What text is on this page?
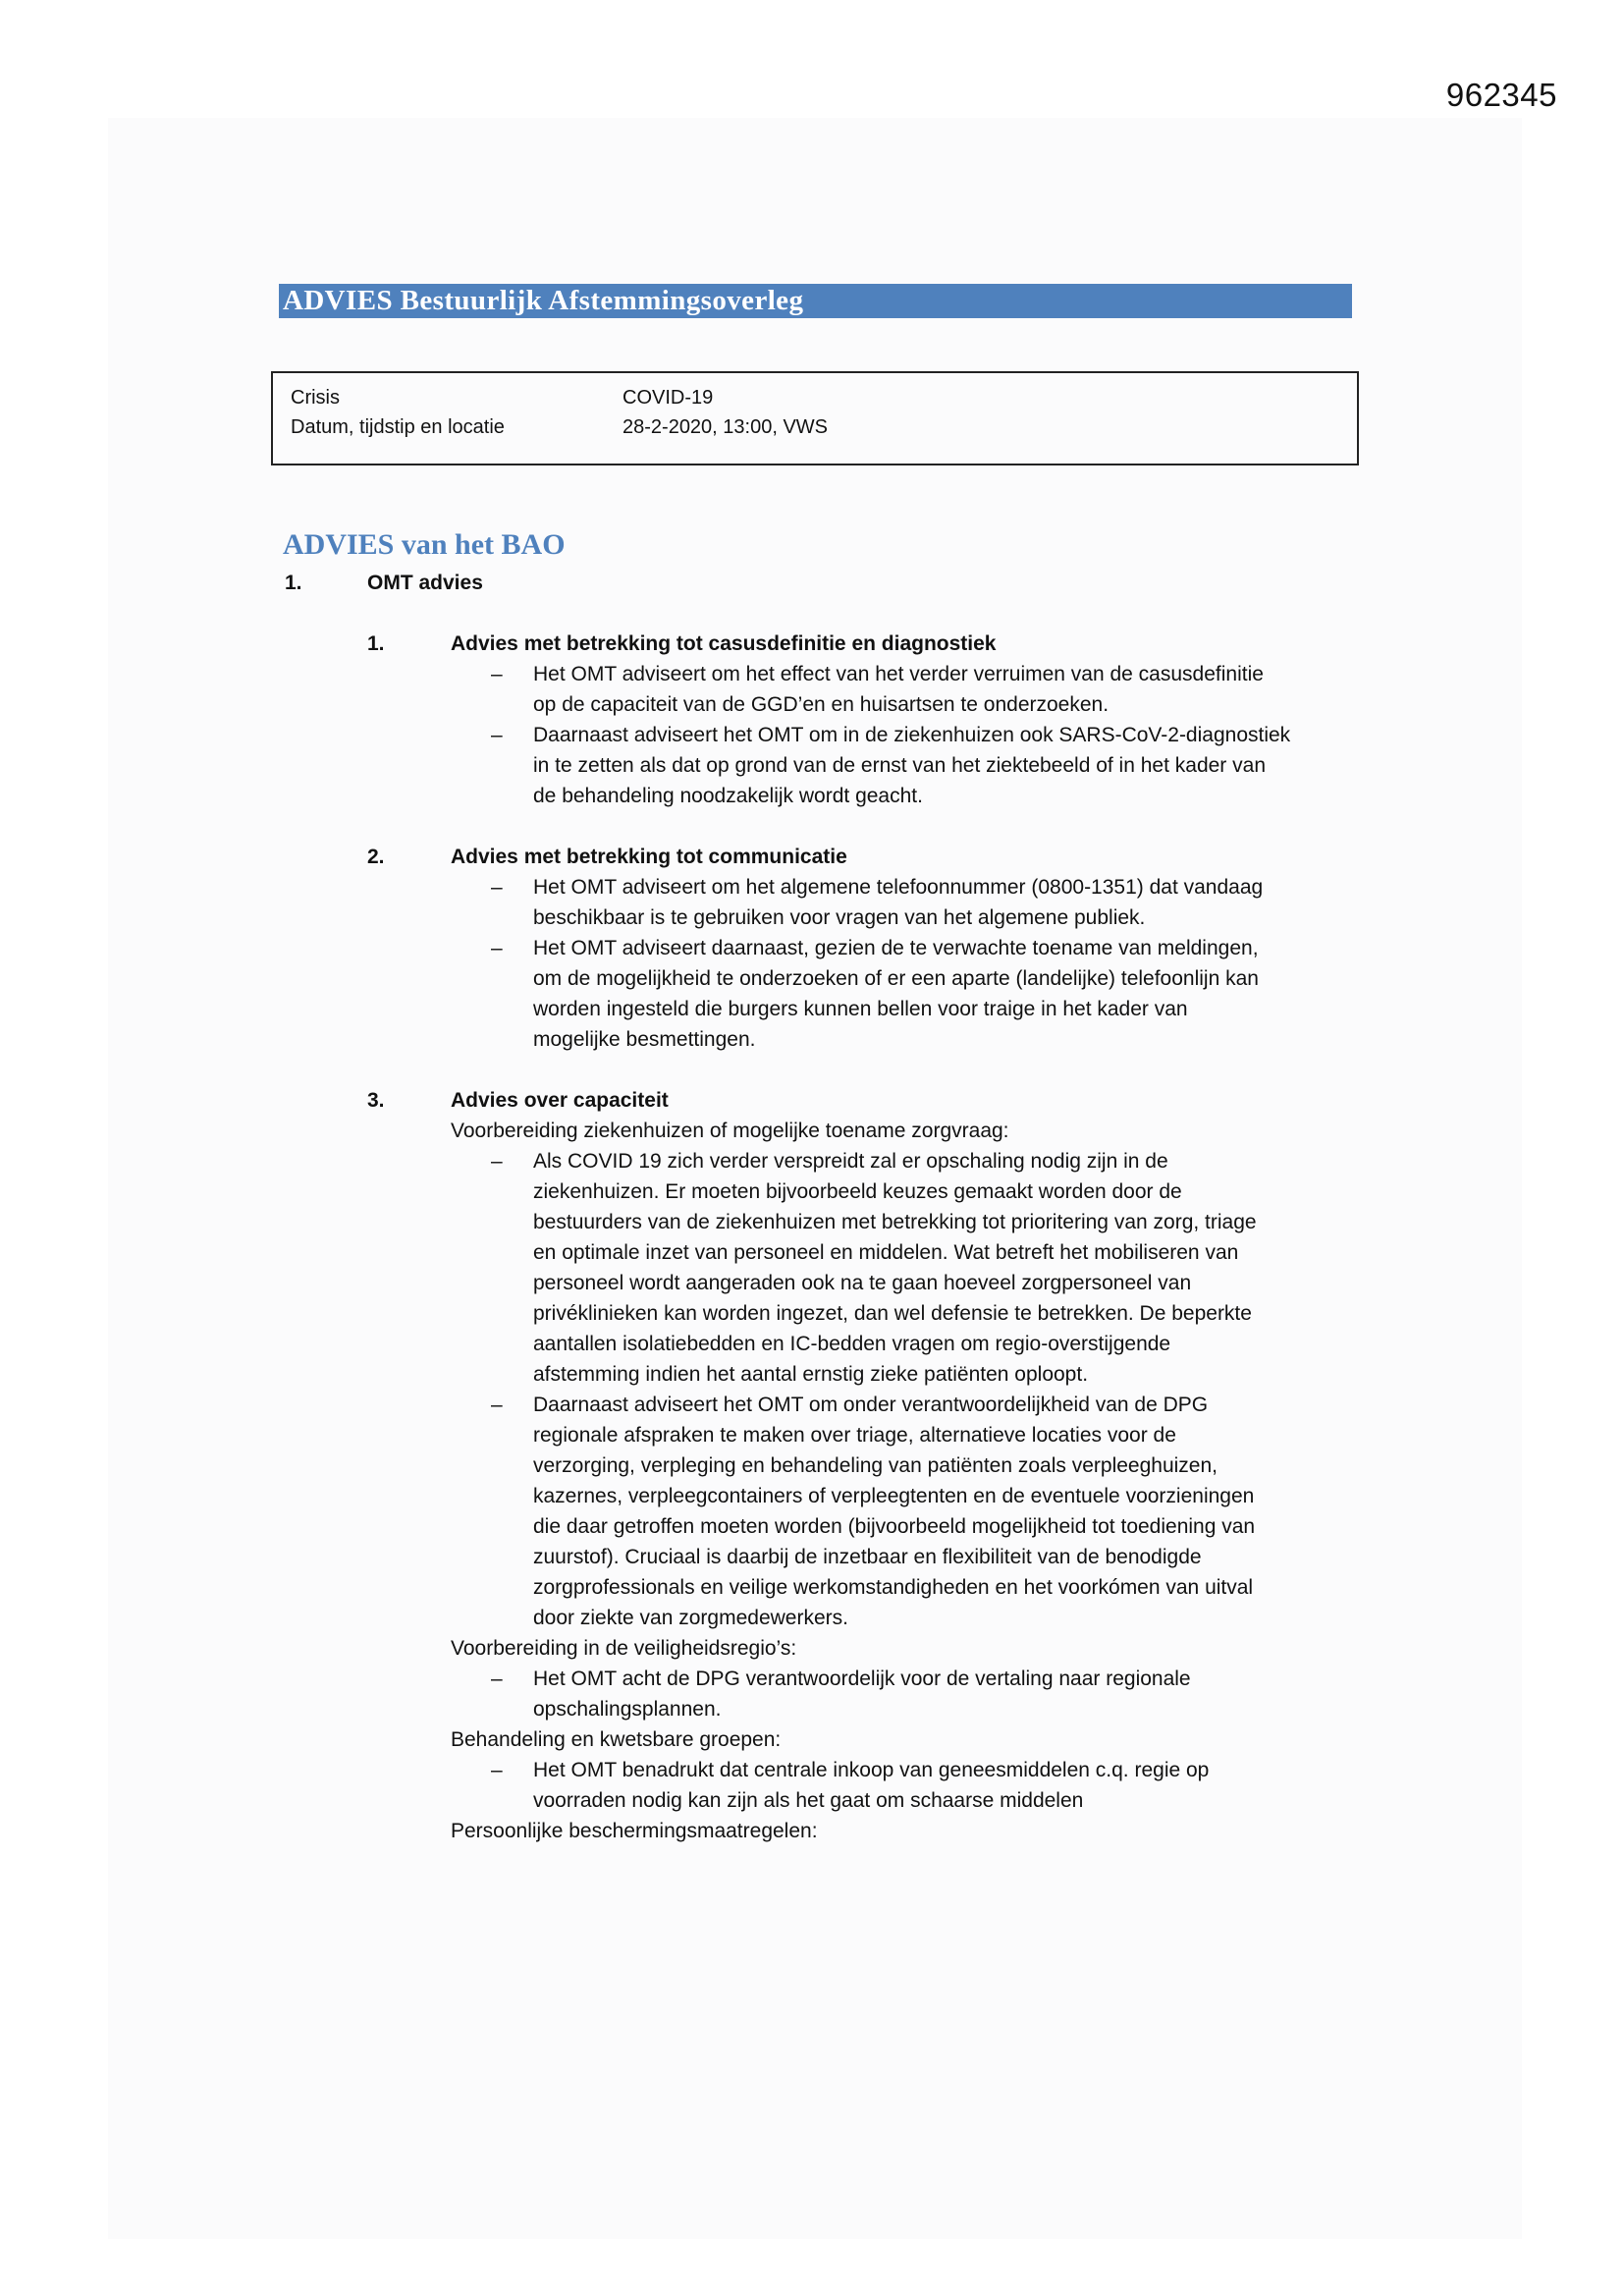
962345
ADVIES Bestuurlijk Afstemmingsoverleg
Crisis	COVID-19
Datum, tijdstip en locatie	28-2-2020, 13:00, VWS
ADVIES van het BAO
1.	OMT advies
1.	Advies met betrekking tot casusdefinitie en diagnostiek
– Het OMT adviseert om het effect van het verder verruimen van de casusdefinitie
op de capaciteit van de GGD’en en huisartsen te onderzoeken.
– Daarnaast adviseert het OMT om in de ziekenhuizen ook SARS-CoV-2-diagnostiek
in te zetten als dat op grond van de ernst van het ziektebeeld of in het kader van
de behandeling noodzakelijk wordt geacht.
2.	Advies met betrekking tot communicatie
– Het OMT adviseert om het algemene telefoonnummer (0800-1351) dat vandaag
beschikbaar is te gebruiken voor vragen van het algemene publiek.
– Het OMT adviseert daarnaast, gezien de te verwachte toename van meldingen,
om de mogelijkheid te onderzoeken of er een aparte (landelijke) telefoonlijn kan
worden ingesteld die burgers kunnen bellen voor traige in het kader van
mogelijke besmettingen.
3.	Advies over capaciteit
Voorbereiding ziekenhuizen of mogelijke toename zorgvraag:
– Als COVID 19 zich verder verspreidt zal er opschaling nodig zijn in de
ziekenhuizen. Er moeten bijvoorbeeld keuzes gemaakt worden door de
bestuurders van de ziekenhuizen met betrekking tot prioritering van zorg, triage
en optimale inzet van personeel en middelen. Wat betreft het mobiliseren van
personeel wordt aangeraden ook na te gaan hoeveel zorgpersoneel van
privéklinieken kan worden ingezet, dan wel defensie te betrekken. De beperkte
aantallen isolatiebedden en IC-bedden vragen om regio-overstijgende
afstemming indien het aantal ernstig zieke patiënten oploopt.
– Daarnaast adviseert het OMT om onder verantwoordelijkheid van de DPG
regionale afspraken te maken over triage, alternatieve locaties voor de
verzorging, verpleging en behandeling van patiënten zoals verpleeghuizen,
kazernes, verpleegcontainers of verpleegtenten en de eventuele voorzieningen
die daar getroffen moeten worden (bijvoorbeeld mogelijkheid tot toediening van
zuurstof). Cruciaal is daarbij de inzetbaar en flexibiliteit van de benodigde
zorgprofessionals en veilige werkomstandigheden en het voorkómen van uitval
door ziekte van zorgmedewerkers.
Voorbereiding in de veiligheidsregio’s:
– Het OMT acht de DPG verantwoordelijk voor de vertaling naar regionale
opschalingsplannen.
Behandeling en kwetsbare groepen:
– Het OMT benadrukt dat centrale inkoop van geneesmiddelen c.q. regie op
voorraden nodig kan zijn als het gaat om schaarse middelen
Persoonlijke beschermingsmaatregelen:
